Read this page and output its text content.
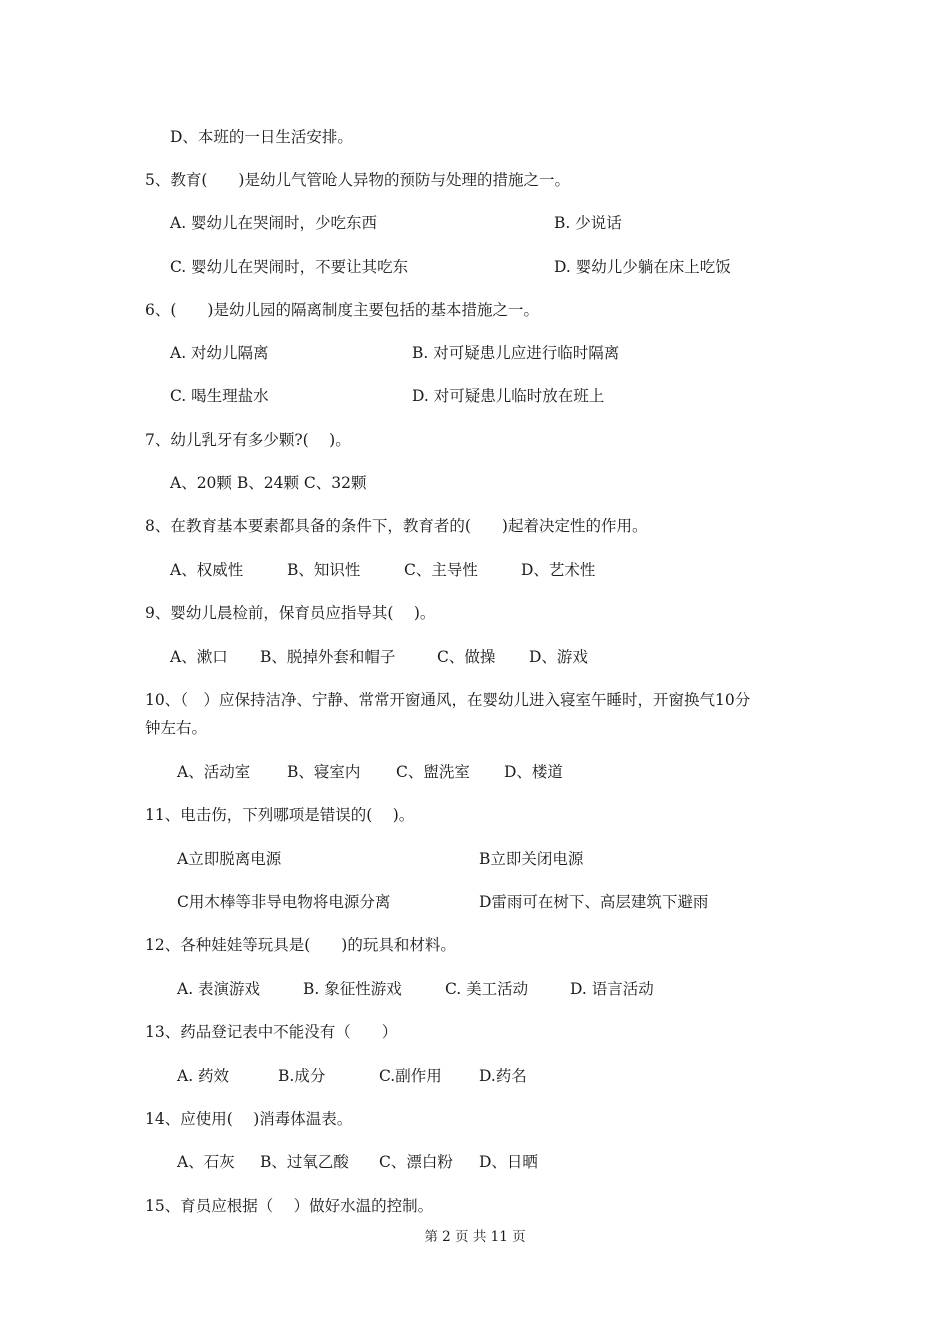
D、本班的一日生活安排。
5、教育(　　)是幼儿气管呛人异物的预防与处理的措施之一。
A. 婴幼儿在哭闹时，少吃东西	B. 少说话
C. 婴幼儿在哭闹时，不要让其吃东	D. 婴幼儿少躺在床上吃饭
6、(　　)是幼儿园的隔离制度主要包括的基本措施之一。
A. 对幼儿隔离	B. 对可疑患儿应进行临时隔离
C. 喝生理盐水	D. 对可疑患儿临时放在班上
7、幼儿乳牙有多少颗?(　 )。
A、20颗 B、24颗 C、32颗
8、在教育基本要素都具备的条件下，教育者的(　　)起着决定性的作用。
A、权威性	B、知识性	C、主导性	D、艺术性
9、婴幼儿晨检前，保育员应指导其(　 )。
A、漱口 B、脱掉外套和帽子	C、做操 D、游戏
10、（　）应保持洁净、宁静、常常开窗通风，在婴幼儿进入寝室午睡时，开窗换气10分
钟左右。
A、活动室 B、寝室内 C、盥洗室 D、楼道
11、电击伤，下列哪项是错误的(　 )。
A立即脱离电源	B立即关闭电源
C用木棒等非导电物将电源分离	D雷雨可在树下、高层建筑下避雨
12、各种娃娃等玩具是(　　)的玩具和材料。
A. 表演游戏	B. 象征性游戏	C. 美工活动	D. 语言活动
13、药品登记表中不能没有（　　）
A. 药效	B.成分	C.副作用 D.药名
14、应使用(　 )消毒体温表。
A、石灰 B、过氧乙酸 C、漂白粉 D、日晒
15、育员应根据（　 ）做好水温的控制。
第 2 页 共 11 页
